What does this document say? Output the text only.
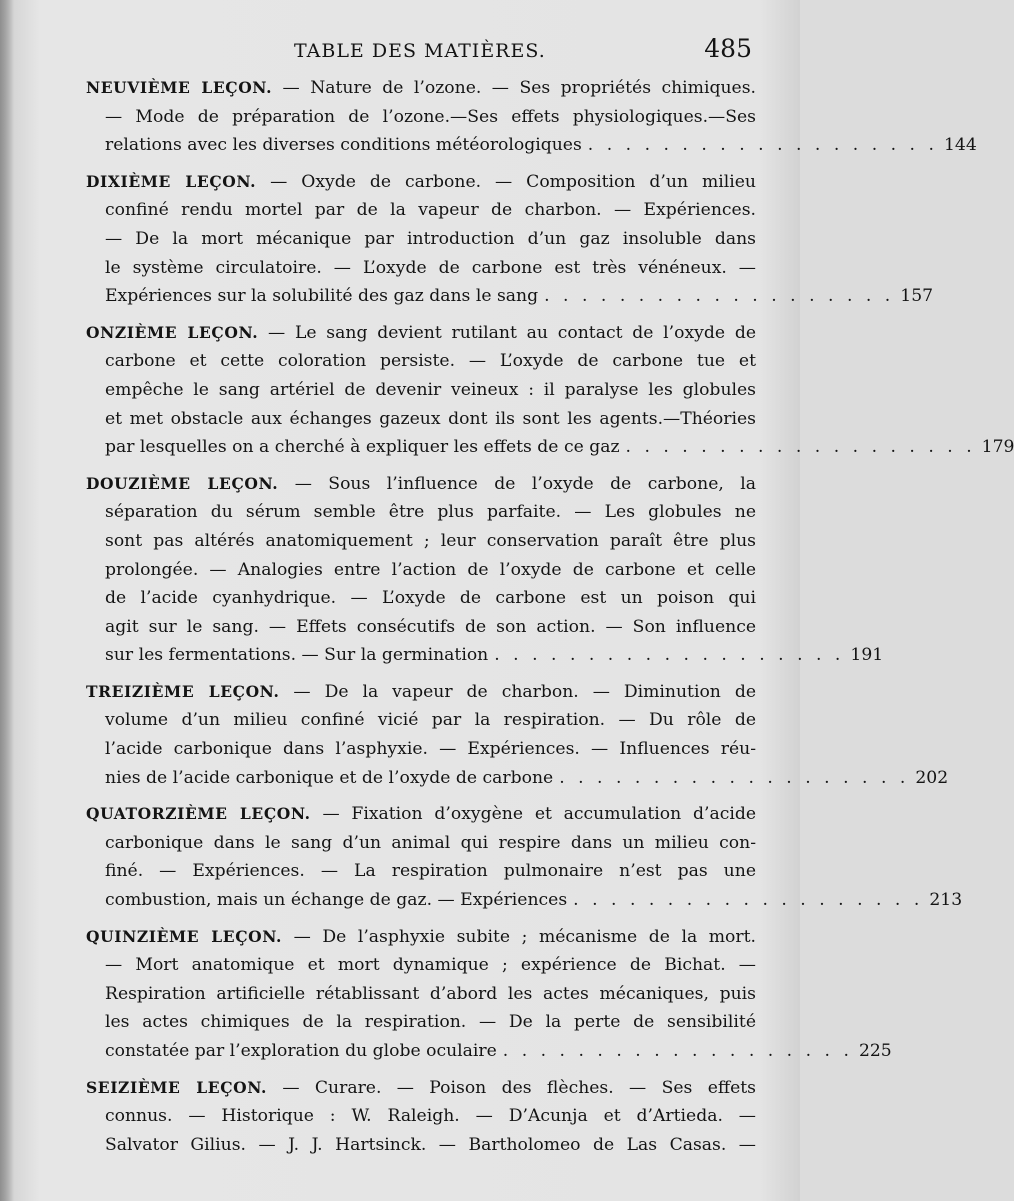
TABLE DES MATIÈRES.	485
NEUVIÈME LEÇON. — Nature de l’ozone. — Ses propriétés chimiques.
— Mode de préparation de l’ozone.—Ses effets physiologiques.—Ses
relations avec les diverses conditions météorologiques . . . . . . . . . . . . . . . . . . . 144
DIXIÈME LEÇON. — Oxyde de carbone. — Composition d’un milieu
confiné rendu mortel par de la vapeur de charbon. — Expériences.
— De la mort mécanique par introduction d’un gaz insoluble dans
le système circulatoire. — L’oxyde de carbone est très vénéneux. —
Expériences sur la solubilité des gaz dans le sang . . . . . . . . . . . . . . . . . . . 157
ONZIÈME LEÇON. — Le sang devient rutilant au contact de l’oxyde de
carbone et cette coloration persiste. — L’oxyde de carbone tue et
empêche le sang artériel de devenir veineux : il paralyse les globules
et met obstacle aux échanges gazeux dont ils sont les agents.—Théories
par lesquelles on a cherché à expliquer les effets de ce gaz . . . . . . . . . . . . . . . . . . . 179
DOUZIÈME LEÇON. — Sous l’influence de l’oxyde de carbone, la
séparation du sérum semble être plus parfaite. — Les globules ne
sont pas altérés anatomiquement ; leur conservation paraît être plus
prolongée. — Analogies entre l’action de l’oxyde de carbone et celle
de l’acide cyanhydrique. — L’oxyde de carbone est un poison qui
agit sur le sang. — Effets consécutifs de son action. — Son influence
sur les fermentations. — Sur la germination . . . . . . . . . . . . . . . . . . . 191
TREIZIÈME LEÇON. — De la vapeur de charbon. — Diminution de
volume d’un milieu confiné vicié par la respiration. — Du rôle de
l’acide carbonique dans l’asphyxie. — Expériences. — Influences réu-
nies de l’acide carbonique et de l’oxyde de carbone . . . . . . . . . . . . . . . . . . . 202
QUATORZIÈME LEÇON. — Fixation d’oxygène et accumulation d’acide
carbonique dans le sang d’un animal qui respire dans un milieu con-
finé. — Expériences. — La respiration pulmonaire n’est pas une
combustion, mais un échange de gaz. — Expériences . . . . . . . . . . . . . . . . . . . 213
QUINZIÈME LEÇON. — De l’asphyxie subite ; mécanisme de la mort.
— Mort anatomique et mort dynamique ; expérience de Bichat. —
Respiration artificielle rétablissant d’abord les actes mécaniques, puis
les actes chimiques de la respiration. — De la perte de sensibilité
constatée par l’exploration du globe oculaire . . . . . . . . . . . . . . . . . . . 225
SEIZIÈME LEÇON. — Curare. — Poison des flèches. — Ses effets
connus. — Historique : W. Raleigh. — D’Acunja et d’Artieda. —
Salvator Gilius. — J. J. Hartsinck. — Bartholomeo de Las Casas. —
